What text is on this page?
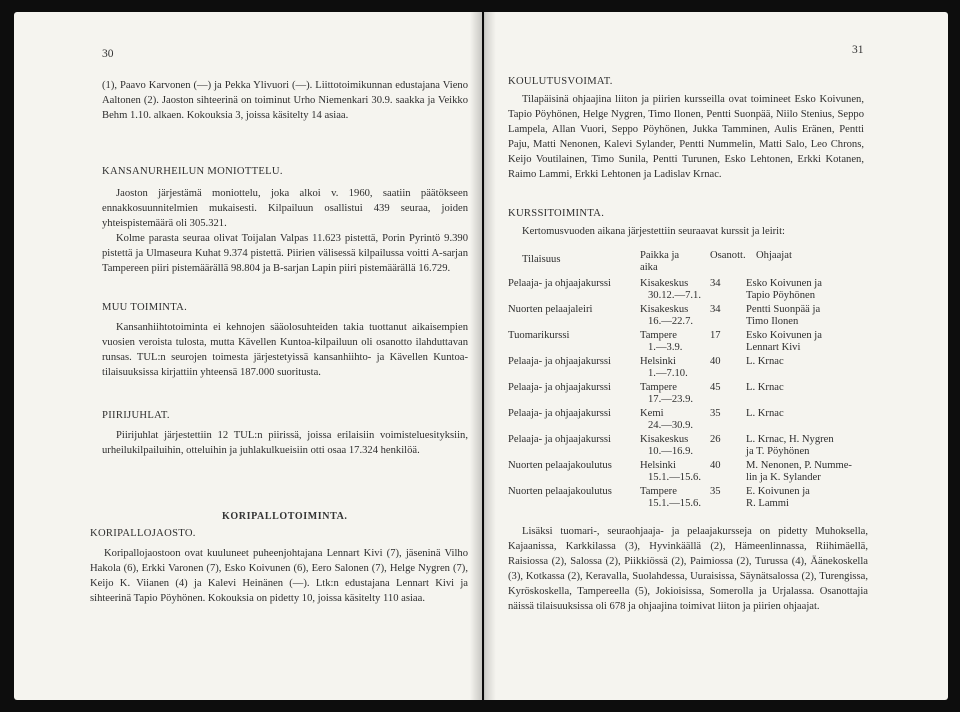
30

(1), Paavo Karvonen (—) ja Pekka Ylivuori (—). Liittotoimikunnan edustajana Vieno Aaltonen (2). Jaoston sihteerinä on toiminut Urho Niemenkari 30.9. saakka ja Veikko Behm 1.10. alkaen. Kokouksia 3, joissa käsitelty 14 asiaa.

KANSANURHEILUN MONIOTTELU.

Jaoston järjestämä moniottelu, joka alkoi v. 1960, saatiin päätökseen ennakkosuunnitelmien mukaisesti. Kilpailuun osallistui 439 seuraa, joiden yhteispistemäärä oli 305.321.

Kolme parasta seuraa olivat Toijalan Valpas 11.623 pistettä, Porin Pyrintö 9.390 pistettä ja Ulmaseura Kuhat 9.374 pistettä. Piirien välisessä kilpailussa voitti A-sarjan Tampereen piiri pistemäärällä 98.804 ja B-sarjan Lapin piiri pistemäärällä 16.729.

MUU TOIMINTA.

Kansanhiihtotoiminta ei kehnojen sääolosuhteiden takia tuottanut aikaisempien vuosien veroista tulosta, mutta Kävellen Kuntoa-kilpailuun oli osanotto ilahduttavan runsas. TUL:n seurojen toimesta järjestetyissä kansanhiihto- ja Kävellen Kuntoa-tilaisuuksissa kirjattiin yhteensä 187.000 suoritusta.

PIIRIJUHLAT.

Piirijuhlat järjestettiin 12 TUL:n piirissä, joissa erilaisiin voimisteluesityksiin, urheilukilpailuihin, otteluihin ja juhlakulkueisiin otti osaa 17.324 henkilöä.

KORIPALLOTOIMINTA.
KORIPALLOJAOSTO.

Koripallojaostoon ovat kuuluneet puheenjohtajana Lennart Kivi (7), jäseninä Vilho Hakola (6), Erkki Varonen (7), Esko Koivunen (6), Eero Salonen (7), Helge Nygren (7), Keijo K. Viianen (4) ja Kalevi Heinänen (—). Ltk:n edustajana Lennart Kivi ja sihteerinä Tapio Pöyhönen. Kokouksia on pidetty 10, joissa käsitelty 110 asiaa.

31
KOULUTUSVOIMAT.

Tilapäisinä ohjaajina liiton ja piirien kursseilla ovat toimineet Esko Koivunen, Tapio Pöyhönen, Helge Nygren, Timo Ilonen, Pentti Suonpää, Niilo Stenius, Seppo Lampela, Allan Vuori, Seppo Pöyhönen, Jukka Tamminen, Aulis Eränen, Pentti Paju, Matti Nenonen, Kalevi Sylander, Pentti Nummelin, Matti Salo, Leo Chrons, Keijo Voutilainen, Timo Sunila, Pentti Turunen, Esko Lehtonen, Erkki Kotanen, Raimo Lammi, Erkki Lehtonen ja Ladislav Krnac.

KURSSITOIMINTA.

Kertomusvuoden aikana järjestettiin seuraavat kurssit ja leirit:

Tilaisuus	Paikka ja aika
Osanott. Ohjaajat
Pelaaja- ja ohjaajakurssi	Kisakeskus
30.12.—7.1.
34 Esko Koivunen ja
Tapio Pöyhönen
Nuorten pelaajaleiri	Kisakeskus
16.—22.7.
34 Pentti Suonpää ja
Timo Ilonen
Tuomarikurssi	Tampere
1.—3.9.
17 Esko Koivunen ja
Lennart Kivi
Pelaaja- ja ohjaajakurssi	Helsinki
1.—7.10.
40 L. Krnac
Pelaaja- ja ohjaajakurssi	Tampere
17.—23.9.
45 L. Krnac
Pelaaja- ja ohjaajakurssi	Kemi
24.—30.9.
35 L. Krnac
Pelaaja- ja ohjaajakurssi	Kisakeskus
10.—16.9.
26 L. Krnac, H. Nygren
ja T. Pöyhönen
Nuorten pelaajakoulutus	Helsinki
15.1.—15.6.
40 M. Nenonen, P. Numme-
lin ja K. Sylander
Nuorten pelaajakoulutus	Tampere
15.1.—15.6.
35 E. Koivunen ja
R. Lammi

Lisäksi tuomari-, seuraohjaaja- ja pelaajakursseja on pidetty Muhoksella, Kajaanissa, Karkkilassa (3), Hyvinkäällä (2), Hämeenlinnassa, Riihimäellä, Raisiossa (2), Salossa (2), Piikkiössä (2), Paimiossa (2), Turussa (4), Äänekoskella (3), Kotkassa (2), Keravalla, Suolahdessa, Uuraisissa, Säynätsalossa (2), Turengissa, Kyröskoskella, Tampereella (5), Jokioisissa, Somerolla ja Urjalassa. Osanottajia näissä tilaisuuksissa oli 678 ja ohjaajina toimivat liiton ja piirien ohjaajat.
